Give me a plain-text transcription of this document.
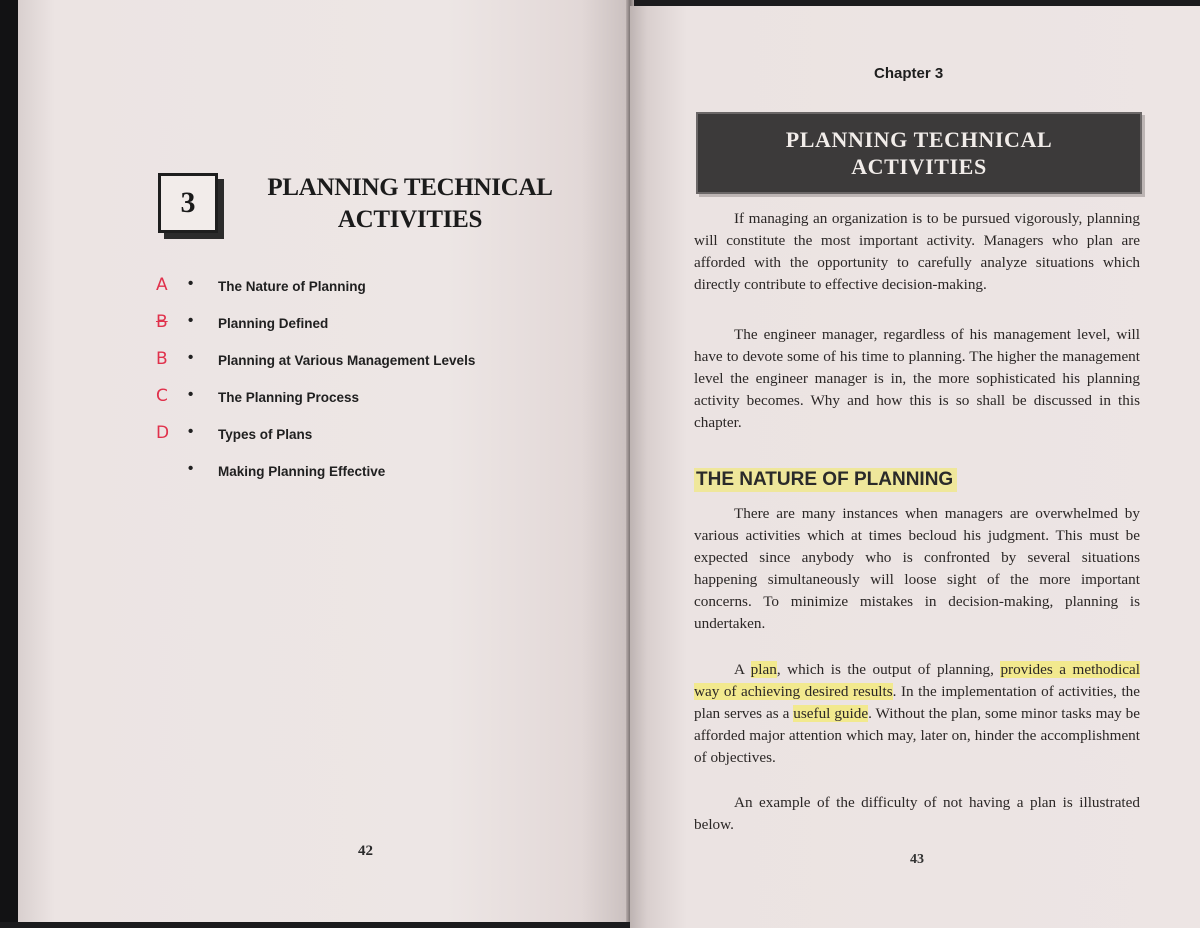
3	PLANNING TECHNICAL
ACTIVITIES
A • The Nature of Planning
B • Planning Defined
B • Planning at Various Management Levels
C • The Planning Process
D • Types of Plans
• Making Planning Effective
42
Chapter 3
PLANNING TECHNICAL
ACTIVITIES

If managing an organization is to be pursued vigorously, planning will constitute the most important activity. Managers who plan are afforded with the opportunity to carefully analyze situations which directly contribute to effective decision-making.

The engineer manager, regardless of his management level, will have to devote some of his time to planning. The higher the management level the engineer manager is in, the more sophisticated his planning activity becomes. Why and how this is so shall be discussed in this chapter.

THE NATURE OF PLANNING

There are many instances when managers are overwhelmed by various activities which at times becloud his judgment. This must be expected since anybody who is confronted by several situations happening simultaneously will loose sight of the more important concerns. To minimize mistakes in decision-making, planning is undertaken.

A plan, which is the output of planning, provides a methodical way of achieving desired results. In the implementation of activities, the plan serves as a useful guide. Without the plan, some minor tasks may be afforded major attention which may, later on, hinder the accomplishment of objectives.

An example of the difficulty of not having a plan is illustrated below.

43
